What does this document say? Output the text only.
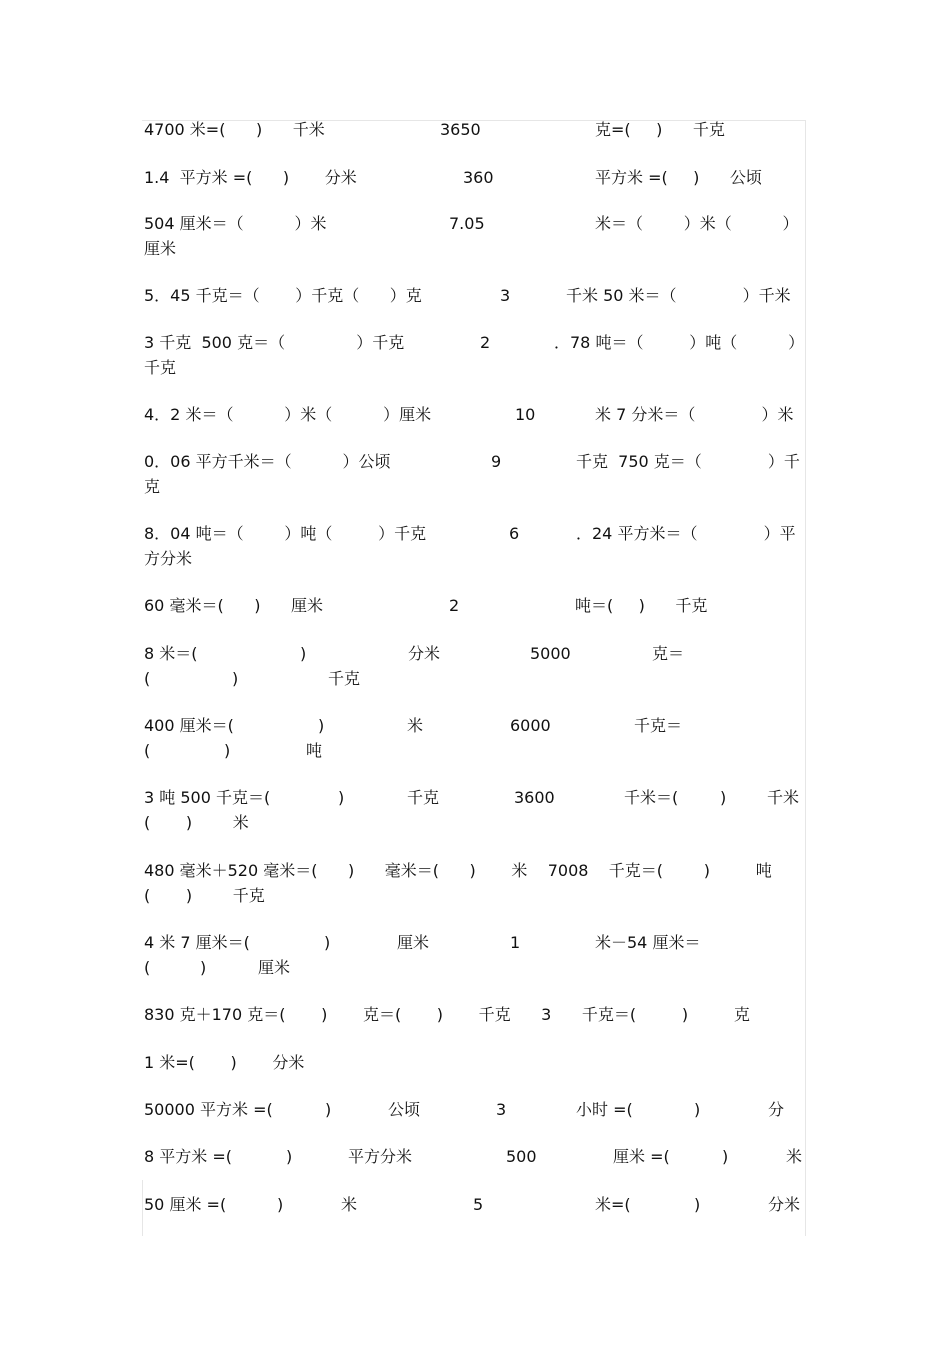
4700 米=(      )      千米	3650	克=(     )      千克
1.4  平方米 =(      )       分米	360	平方米 =(     )      公顷
504 厘米＝（          ）米	7.05	米＝（        ）米（          ）
厘米
5．45 千克＝（       ）千克（      ）克	3	千米 50 米＝（             ）千米
3 千克  500 克＝（              ）千克	2	．78 吨＝（         ）吨（          ）
千克
4．2 米＝（          ）米（          ）厘米	10	米 7 分米＝（             ）米
0．06 平方千米＝（          ）公顷	9	千克  750 克＝（             ）千
克
8．04 吨＝（        ）吨（         ）千克	6	．24 平方米＝（             ）平
方分米
60 毫米＝(      )      厘米	2	吨＝(     )      千克
8 米＝(	)	分米	5000	克＝
(	)	千克
400 厘米＝(	)	米	6000	千克＝
(	)	吨
3 吨 500 千克＝(	)	千克	3600	千米＝(	)	千米
(       )        米
480 毫米＋520 毫米＝(      )      毫米＝(      )       米    7008    千克＝(        )         吨
(       )        千克
4 米 7 厘米＝(	)	厘米	1	米－54 厘米＝
(	)	厘米
830 克＋170 克＝(       )       克＝(       )       千克      3      千克＝(         )         克
1 米=(       )       分米
50000 平方米 =(	)	公顷	3	小时 =(	)	分
8 平方米 =(	)	平方分米	500	厘米 =(	)	米
50 厘米 =(	)	米	5	米=(	)	分米
